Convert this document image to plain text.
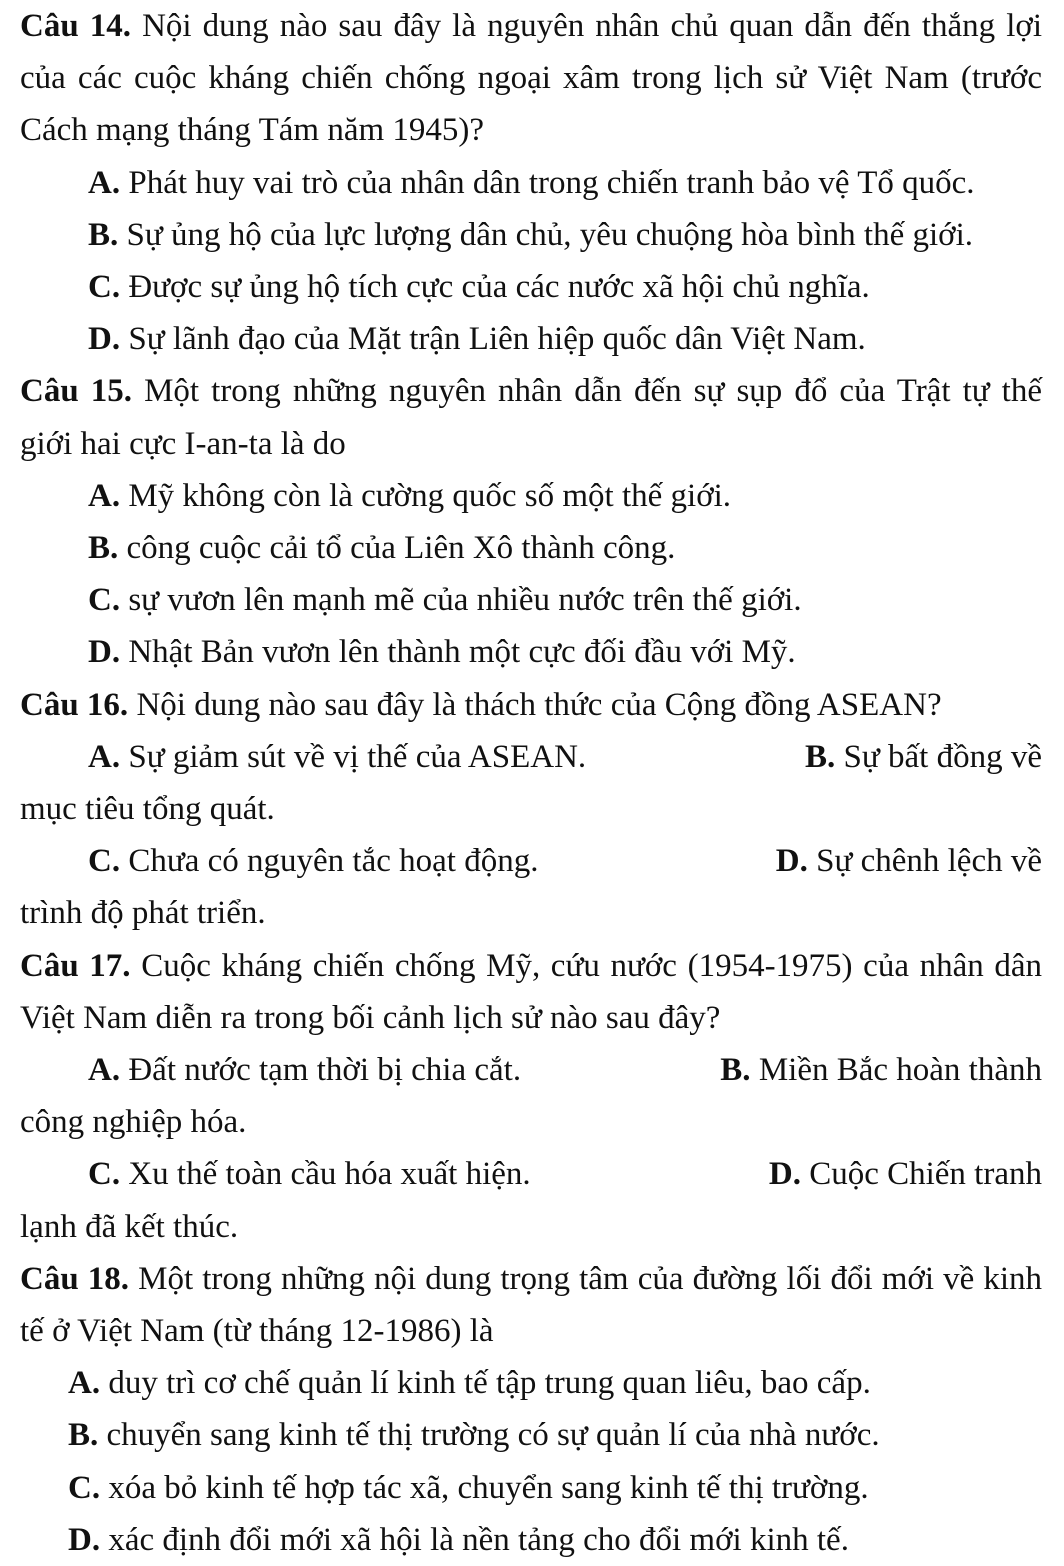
Câu 14. Nội dung nào sau đây là nguyên nhân chủ quan dẫn đến thắng lợi của các cuộc kháng chiến chống ngoại xâm trong lịch sử Việt Nam (trước Cách mạng tháng Tám năm 1945)?

A. Phát huy vai trò của nhân dân trong chiến tranh bảo vệ Tổ quốc.

B. Sự ủng hộ của lực lượng dân chủ, yêu chuộng hòa bình thế giới.

C. Được sự ủng hộ tích cực của các nước xã hội chủ nghĩa.

D. Sự lãnh đạo của Mặt trận Liên hiệp quốc dân Việt Nam.

Câu 15. Một trong những nguyên nhân dẫn đến sự sụp đổ của Trật tự thế giới hai cực I-an-ta là do

A. Mỹ không còn là cường quốc số một thế giới.

B. công cuộc cải tổ của Liên Xô thành công.

C. sự vươn lên mạnh mẽ của nhiều nước trên thế giới.

D. Nhật Bản vươn lên thành một cực đối đầu với Mỹ.

Câu 16. Nội dung nào sau đây là thách thức của Cộng đồng ASEAN?

A. Sự giảm sút về vị thế của ASEAN.	B. Sự bất đồng về

mục tiêu tổng quát.

C. Chưa có nguyên tắc hoạt động.	D. Sự chênh lệch về

trình độ phát triển.

Câu 17. Cuộc kháng chiến chống Mỹ, cứu nước (1954-1975) của nhân dân Việt Nam diễn ra trong bối cảnh lịch sử nào sau đây?

A. Đất nước tạm thời bị chia cắt.	B. Miền Bắc hoàn thành

công nghiệp hóa.

C. Xu thế toàn cầu hóa xuất hiện.	D. Cuộc Chiến tranh

lạnh đã kết thúc.

Câu 18. Một trong những nội dung trọng tâm của đường lối đổi mới về kinh tế ở Việt Nam (từ tháng 12-1986) là

A. duy trì cơ chế quản lí kinh tế tập trung quan liêu, bao cấp.

B. chuyển sang kinh tế thị trường có sự quản lí của nhà nước.

C. xóa bỏ kinh tế hợp tác xã, chuyển sang kinh tế thị trường.

D. xác định đổi mới xã hội là nền tảng cho đổi mới kinh tế.
